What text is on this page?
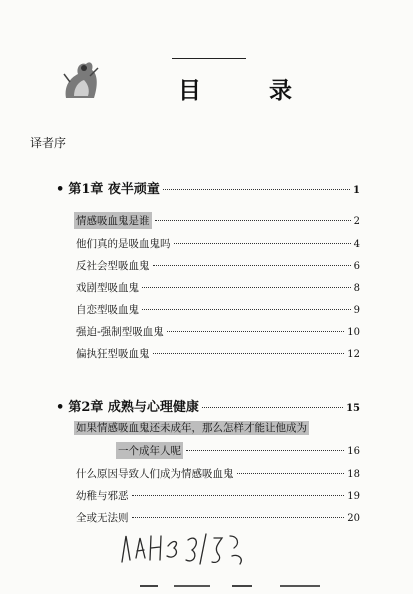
目 录
译者序
• 第1章 夜半顽童	1
情感吸血鬼是谁	2
他们真的是吸血鬼吗	4
反社会型吸血鬼	6
戏剧型吸血鬼	8
自恋型吸血鬼	9
强迫-强制型吸血鬼	10
偏执狂型吸血鬼	12
• 第2章 成熟与心理健康	15
如果情感吸血鬼还未成年，那么怎样才能让他成为
一个成年人呢	16
什么原因导致人们成为情感吸血鬼	18
幼稚与邪恶	19
全或无法则	20
